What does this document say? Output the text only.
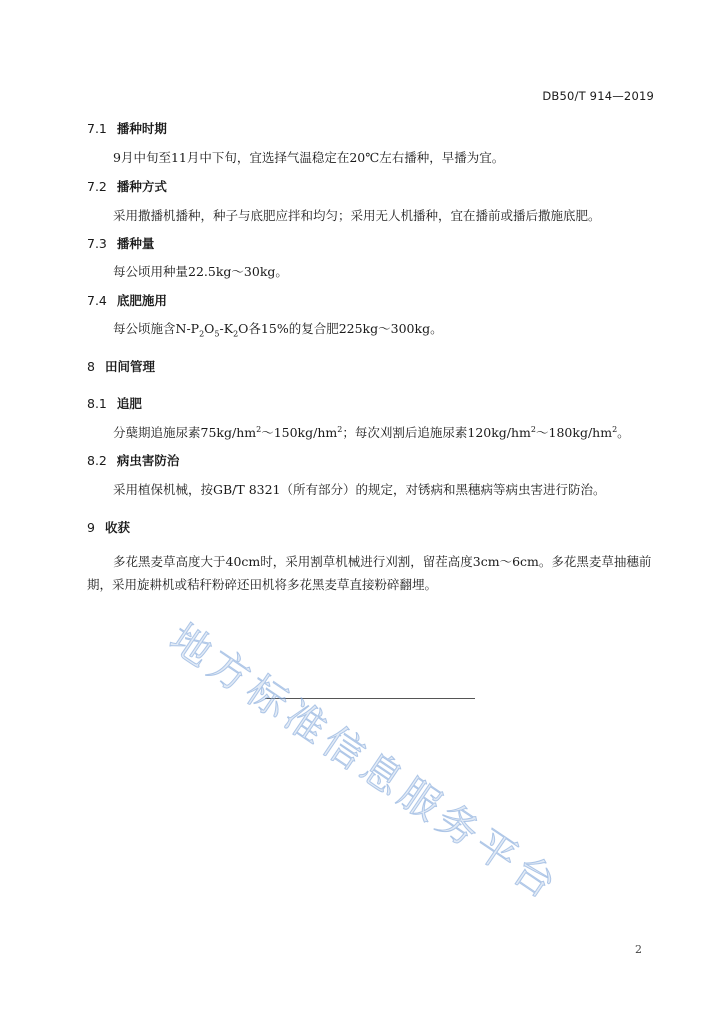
DB50/T 914—2019
7.1 播种时期
9月中旬至11月中下旬，宜选择气温稳定在20℃左右播种，早播为宜。
7.2 播种方式
采用撒播机播种，种子与底肥应拌和均匀；采用无人机播种，宜在播前或播后撒施底肥。
7.3 播种量
每公顷用种量22.5kg～30kg。
7.4 底肥施用
每公顷施含$N-P_2O_5-K_2O$各15%的复合肥225kg～300kg。
8 田间管理
8.1 追肥
分蘖期追施尿素$75kg/hm^2\sim 150kg/hm^2$；每次刈割后追施尿素$120kg/hm^2\sim 180kg/hm^2$。
8.2 病虫害防治
采用植保机械，按GB/T 8321（所有部分）的规定，对锈病和黑穗病等病虫害进行防治。
9 收获
多花黑麦草高度大于40cm时，采用割草机械进行刈割，留茬高度3cm～6cm。多花黑麦草抽穗前期，采用旋耕机或秸秆粉碎还田机将多花黑麦草直接粉碎翻埋。
地方标准信息服务平台
2
